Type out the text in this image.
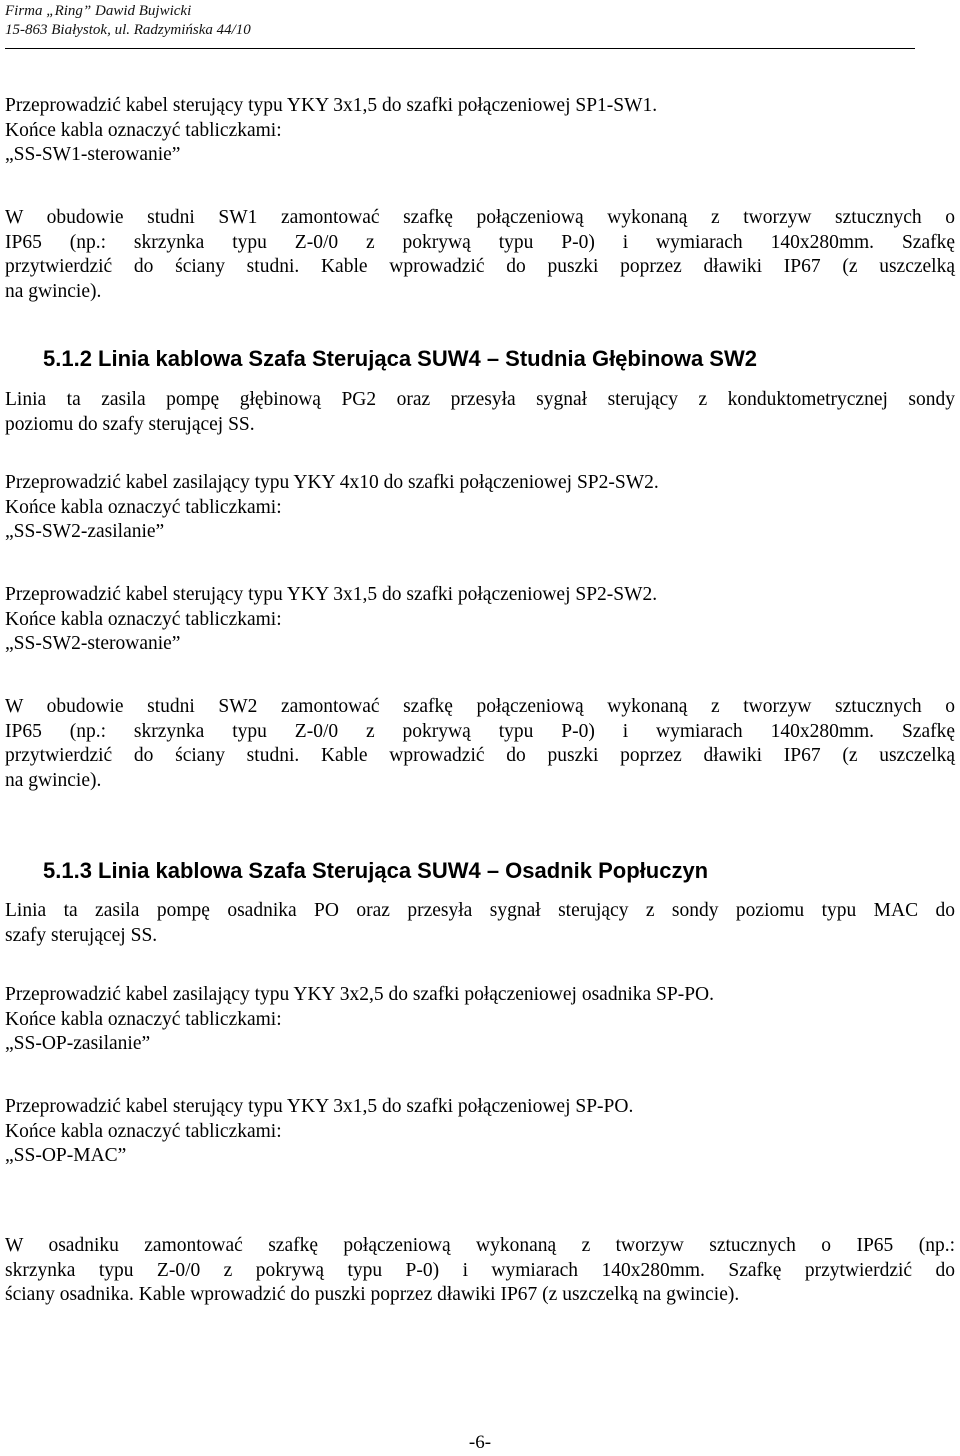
Firma „Ring” Dawid Bujwicki
15-863 Białystok, ul. Radzymińska 44/10
Przeprowadzić kabel sterujący typu YKY 3x1,5 do szafki połączeniowej SP1-SW1.
Końce kabla oznaczyć tabliczkami:
„SS-SW1-sterowanie”
W obudowie studni SW1 zamontować szafkę połączeniową wykonaną z tworzyw sztucznych o
IP65 (np.: skrzynka typu Z-0/0 z pokrywą typu P-0) i wymiarach 140x280mm. Szafkę
przytwierdzić do ściany studni. Kable wprowadzić do puszki poprzez dławiki IP67 (z uszczelką
na gwincie).
5.1.2 Linia kablowa Szafa Sterująca SUW4 – Studnia Głębinowa SW2
Linia ta zasila pompę głębinową PG2 oraz przesyła sygnał sterujący z konduktometrycznej sondy
poziomu do szafy sterującej SS.
Przeprowadzić kabel zasilający typu YKY 4x10 do szafki połączeniowej SP2-SW2.
Końce kabla oznaczyć tabliczkami:
„SS-SW2-zasilanie”
Przeprowadzić kabel sterujący typu YKY 3x1,5 do szafki połączeniowej SP2-SW2.
Końce kabla oznaczyć tabliczkami:
„SS-SW2-sterowanie”
W obudowie studni SW2 zamontować szafkę połączeniową wykonaną z tworzyw sztucznych o
IP65 (np.: skrzynka typu Z-0/0 z pokrywą typu P-0) i wymiarach 140x280mm. Szafkę
przytwierdzić do ściany studni. Kable wprowadzić do puszki poprzez dławiki IP67 (z uszczelką
na gwincie).
5.1.3 Linia kablowa Szafa Sterująca SUW4 – Osadnik Popłuczyn
Linia ta zasila pompę osadnika PO oraz przesyła sygnał sterujący z sondy poziomu typu MAC do
szafy sterującej SS.
Przeprowadzić kabel zasilający typu YKY 3x2,5 do szafki połączeniowej osadnika SP-PO.
Końce kabla oznaczyć tabliczkami:
„SS-OP-zasilanie”
Przeprowadzić kabel sterujący typu YKY 3x1,5 do szafki połączeniowej SP-PO.
Końce kabla oznaczyć tabliczkami:
„SS-OP-MAC”
W osadniku zamontować szafkę połączeniową wykonaną z tworzyw sztucznych o IP65 (np.:
skrzynka typu Z-0/0 z pokrywą typu P-0) i wymiarach 140x280mm. Szafkę przytwierdzić do
ściany osadnika. Kable wprowadzić do puszki poprzez dławiki IP67 (z uszczelką na gwincie).
-6-
